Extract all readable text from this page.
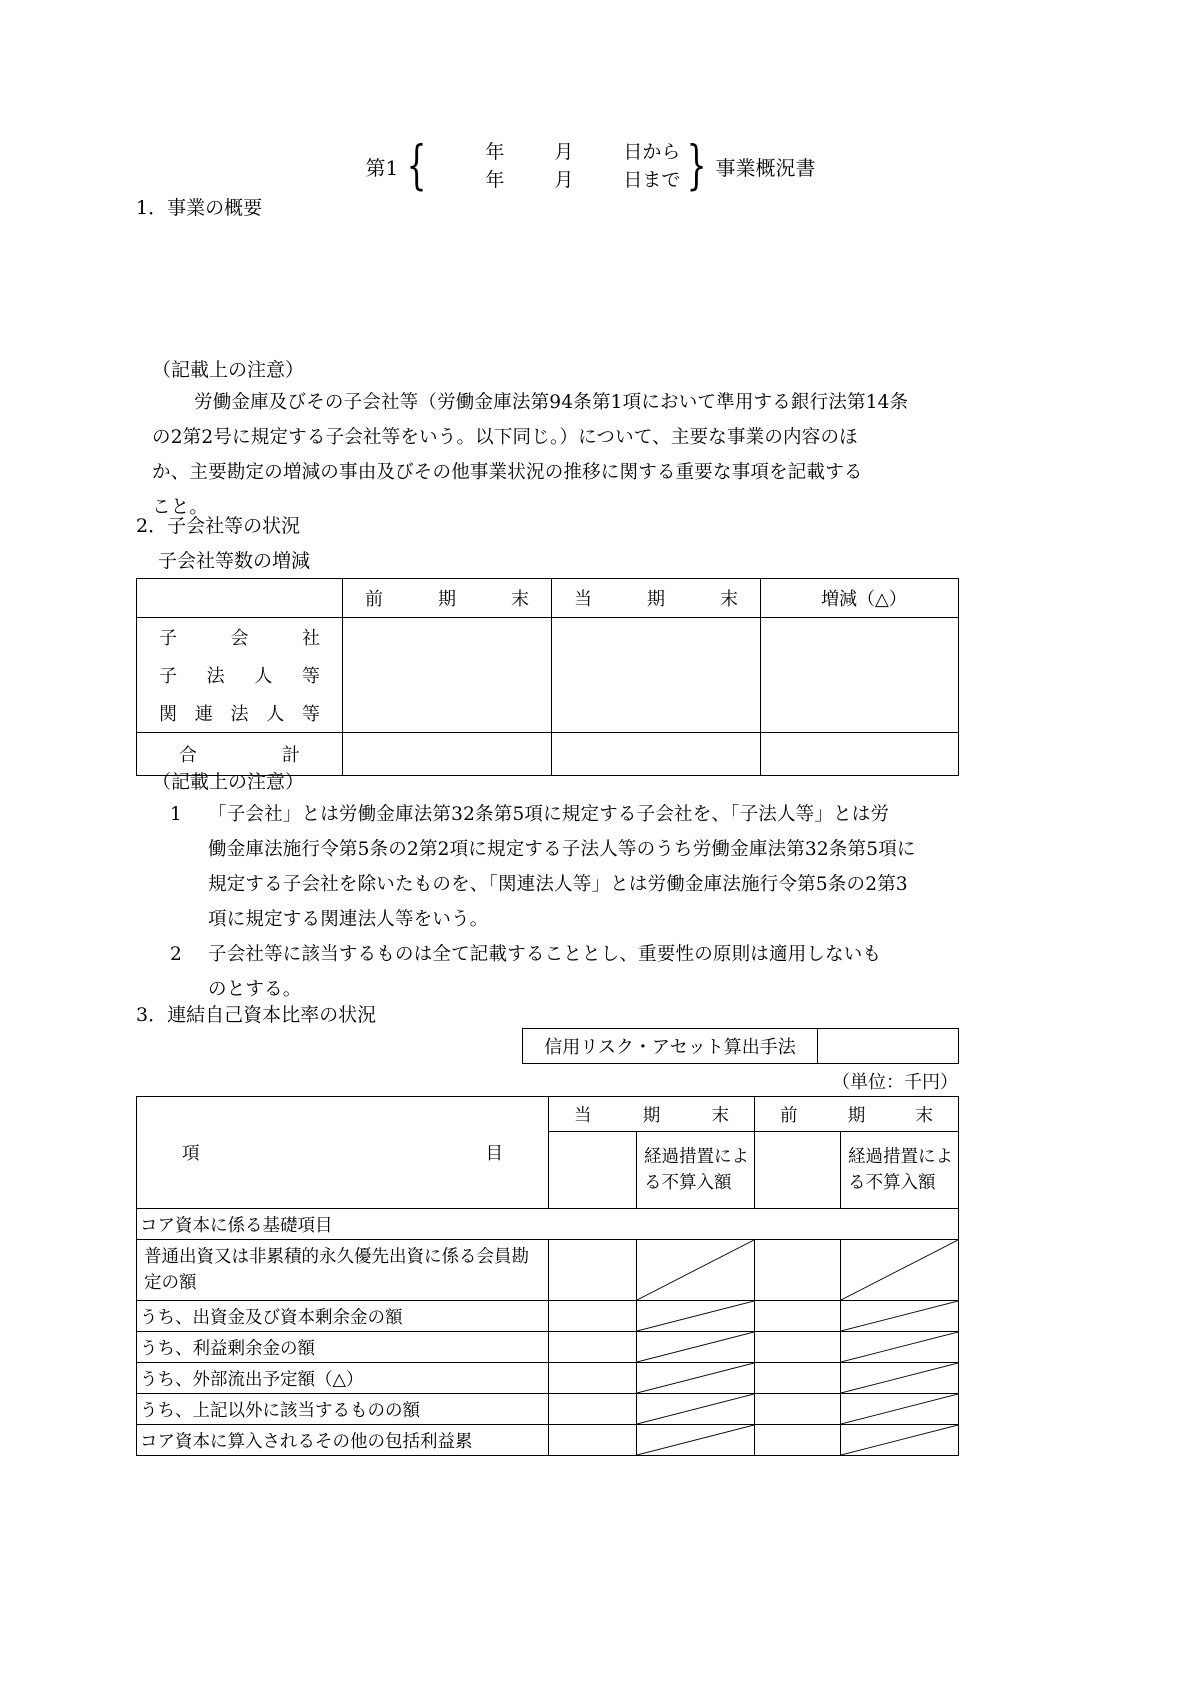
第1 {	年	月	日から
年	月	日まで } 事業概況書
1．事業の概要
（記載上の注意）
労働金庫及びその子会社等（労働金庫法第94条第1項において準用する銀行法第14条
の2第2号に規定する子会社等をいう。以下同じ。）について、主要な事業の内容のほ
か、主要勘定の増減の事由及びその他事業状況の推移に関する重要な事項を記載する
こと。
2．子会社等の状況
子会社等数の増減

	前 期 末	当 期 末	増 減（△）

子 会 社			

子 法 人 等			

関 連 法 人 等			

合 計			

（記載上の注意）
1 「子会社」とは労働金庫法第32条第5項に規定する子会社を、「子法人等」とは労
働金庫法施行令第5条の2第2項に規定する子法人等のうち労働金庫法第32条第5項に
規定する子会社を除いたものを、「関連法人等」とは労働金庫法施行令第5条の2第3
項に規定する関連法人等をいう。
2 子会社等に該当するものは全て記載することとし、重要性の原則は適用しないも
のとする。
3．連結自己資本比率の状況
信用リスク・アセット算出手法	
（単位：千円）
項 目	当 期 末		前 期 末	

		経過措置による不算入額		経過措置による不算入額

コア資本に係る基礎項目				

普通出資又は非累積的永久優先出資に係る会員勘定の額

うち、出資金及び資本剰余金の額		

うち、利益剰余金の額		

うち、外部流出予定額（△）		

うち、上記以外に該当するものの額		

コア資本に算入されるその他の包括利益累		
